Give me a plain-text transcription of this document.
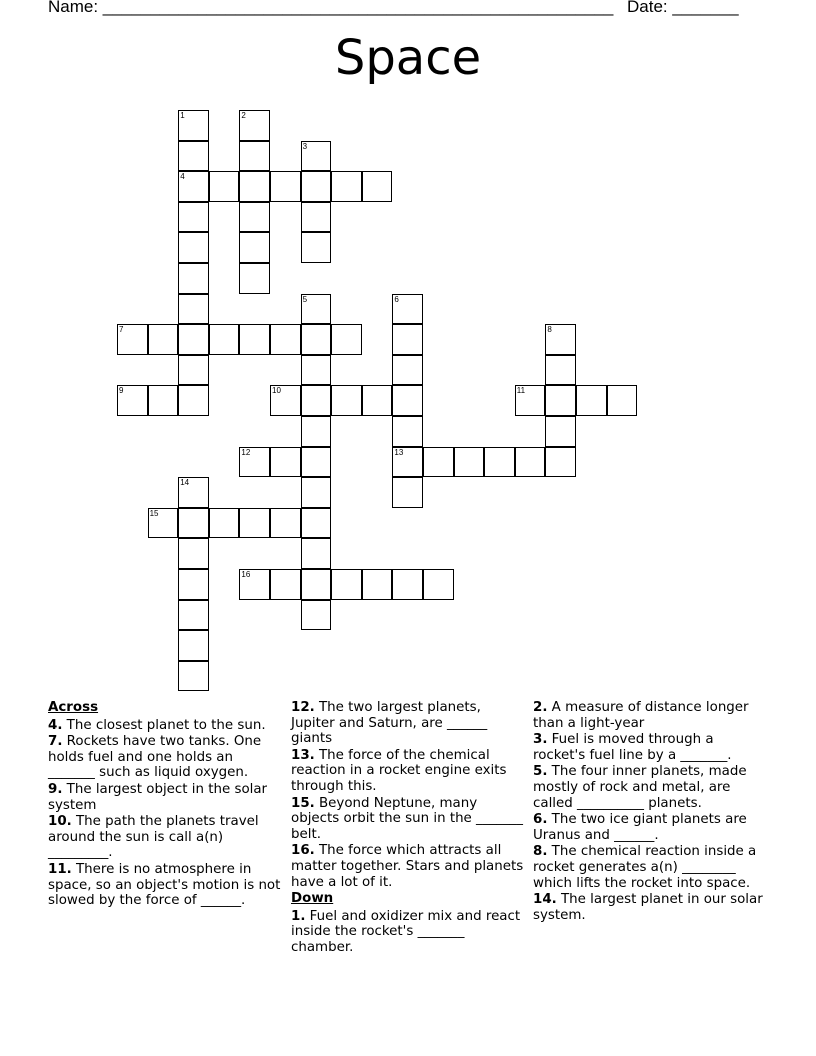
Name: ______________________________________________________ Date: _______
Space
1
4
2
3
5	6
13
7	8
9	10	11
12
14
15
16
Across
4. The closest planet to the sun.
7. Rockets have two tanks. One holds fuel and one holds an _______ such as liquid oxygen.
9. The largest object in the solar system
10. The path the planets travel around the sun is call a(n) _________.
11. There is no atmosphere in space, so an object's motion is not slowed by the force of ______.
12. The two largest planets, Jupiter and Saturn, are ______ giants
13. The force of the chemical reaction in a rocket engine exits through this.
15. Beyond Neptune, many objects orbit the sun in the _______ belt.
16. The force which attracts all matter together. Stars and planets have a lot of it.
Down
1. Fuel and oxidizer mix and react inside the rocket's _______ chamber.
2. A measure of distance longer than a light-year
3. Fuel is moved through a rocket's fuel line by a _______.
5. The four inner planets, made mostly of rock and metal, are called __________ planets.
6. The two ice giant planets are Uranus and ______.
8. The chemical reaction inside a rocket generates a(n) ________ which lifts the rocket into space.
14. The largest planet in our solar system.
